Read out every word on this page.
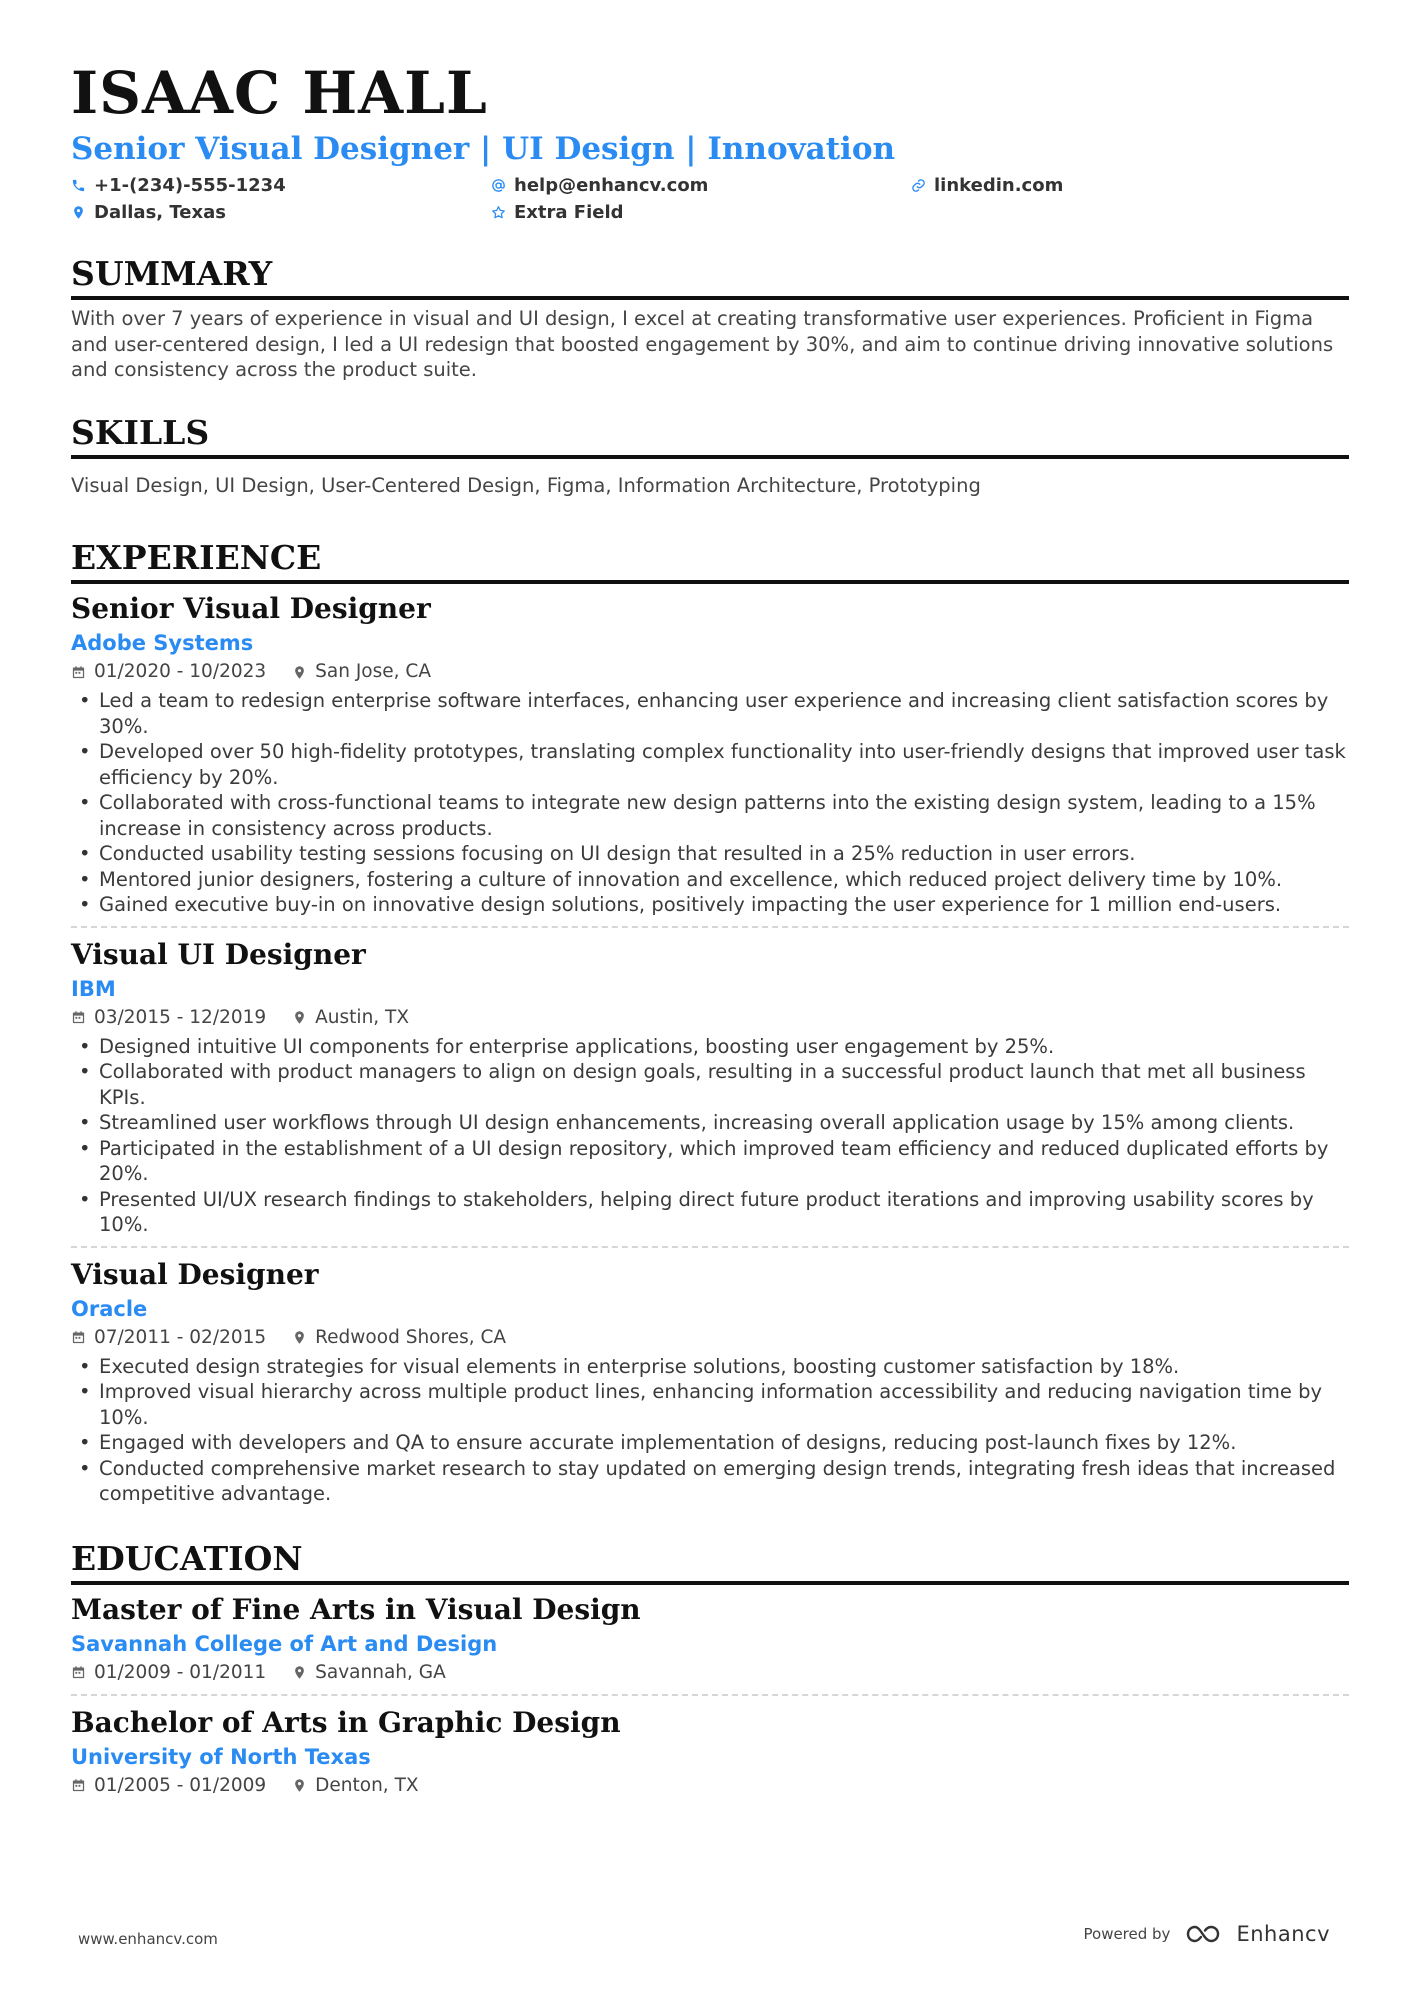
ISAAC HALL
Senior Visual Designer | UI Design | Innovation
+1-(234)-555-1234	help@enhancv.com	linkedin.com
Dallas, Texas	Extra Field
SUMMARY

With over 7 years of experience in visual and UI design, I excel at creating transformative user experiences. Proficient in Figma and user-centered design, I led a UI redesign that boosted engagement by 30%, and aim to continue driving innovative solutions and consistency across the product suite.

SKILLS

Visual Design, UI Design, User-Centered Design, Figma, Information Architecture, Prototyping

EXPERIENCE
Senior Visual Designer
Adobe Systems
01/2020 - 10/2023	San Jose, CA
• Led a team to redesign enterprise software interfaces, enhancing user experience and increasing client satisfaction scores by 30%.
• Developed over 50 high-fidelity prototypes, translating complex functionality into user-friendly designs that improved user task efficiency by 20%.
• Collaborated with cross-functional teams to integrate new design patterns into the existing design system, leading to a 15% increase in consistency across products.
• Conducted usability testing sessions focusing on UI design that resulted in a 25% reduction in user errors.
• Mentored junior designers, fostering a culture of innovation and excellence, which reduced project delivery time by 10%.
• Gained executive buy-in on innovative design solutions, positively impacting the user experience for 1 million end-users.
Visual UI Designer
IBM
03/2015 - 12/2019	Austin, TX
• Designed intuitive UI components for enterprise applications, boosting user engagement by 25%.
• Collaborated with product managers to align on design goals, resulting in a successful product launch that met all business KPIs.
• Streamlined user workflows through UI design enhancements, increasing overall application usage by 15% among clients.
• Participated in the establishment of a UI design repository, which improved team efficiency and reduced duplicated efforts by 20%.
• Presented UI/UX research findings to stakeholders, helping direct future product iterations and improving usability scores by 10%.
Visual Designer
Oracle
07/2011 - 02/2015	Redwood Shores, CA
• Executed design strategies for visual elements in enterprise solutions, boosting customer satisfaction by 18%.
• Improved visual hierarchy across multiple product lines, enhancing information accessibility and reducing navigation time by 10%.
• Engaged with developers and QA to ensure accurate implementation of designs, reducing post-launch fixes by 12%.
• Conducted comprehensive market research to stay updated on emerging design trends, integrating fresh ideas that increased competitive advantage.
EDUCATION
Master of Fine Arts in Visual Design
Savannah College of Art and Design
01/2009 - 01/2011	Savannah, GA
Bachelor of Arts in Graphic Design
University of North Texas
01/2005 - 01/2009	Denton, TX
www.enhancv.com	Powered by	Enhancv
